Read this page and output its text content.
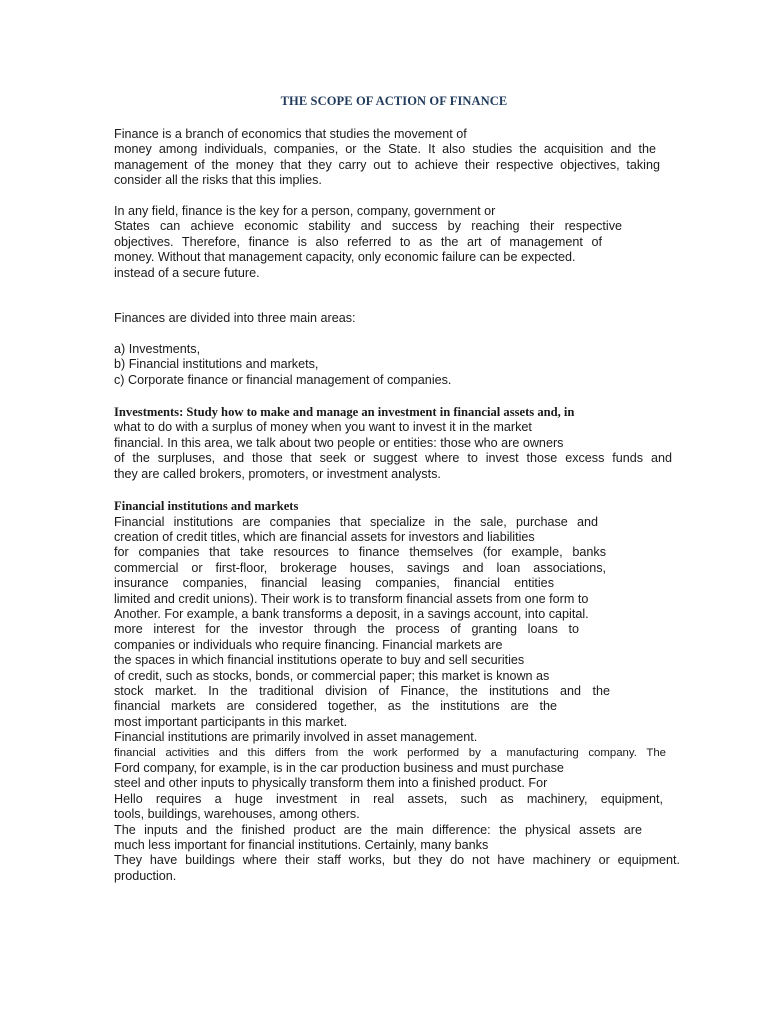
THE SCOPE OF ACTION OF FINANCE
Finance is a branch of economics that studies the movement of
money among individuals, companies, or the State. It also studies the acquisition and the
management of the money that they carry out to achieve their respective objectives, taking
consider all the risks that this implies.
In any field, finance is the key for a person, company, government or
States can achieve economic stability and success by reaching their respective
objectives. Therefore, finance is also referred to as the art of management of
money. Without that management capacity, only economic failure can be expected.
instead of a secure future.
Finances are divided into three main areas:
a) Investments,
b) Financial institutions and markets,
c) Corporate finance or financial management of companies.
Investments: Study how to make and manage an investment in financial assets and, in
what to do with a surplus of money when you want to invest it in the market
financial. In this area, we talk about two people or entities: those who are owners
of the surpluses, and those that seek or suggest where to invest those excess funds and
they are called brokers, promoters, or investment analysts.
Financial institutions and markets
Financial institutions are companies that specialize in the sale, purchase and
creation of credit titles, which are financial assets for investors and liabilities
for companies that take resources to finance themselves (for example, banks
commercial or first-floor, brokerage houses, savings and loan associations,
insurance companies, financial leasing companies, financial entities
limited and credit unions). Their work is to transform financial assets from one form to
Another. For example, a bank transforms a deposit, in a savings account, into capital.
more interest for the investor through the process of granting loans to
companies or individuals who require financing. Financial markets are
the spaces in which financial institutions operate to buy and sell securities
of credit, such as stocks, bonds, or commercial paper; this market is known as
stock market. In the traditional division of Finance, the institutions and the
financial markets are considered together, as the institutions are the
most important participants in this market.
Financial institutions are primarily involved in asset management.
financial activities and this differs from the work performed by a manufacturing company. The
Ford company, for example, is in the car production business and must purchase
steel and other inputs to physically transform them into a finished product. For
Hello requires a huge investment in real assets, such as machinery, equipment,
tools, buildings, warehouses, among others.
The inputs and the finished product are the main difference: the physical assets are
much less important for financial institutions. Certainly, many banks
They have buildings where their staff works, but they do not have machinery or equipment.
production.
